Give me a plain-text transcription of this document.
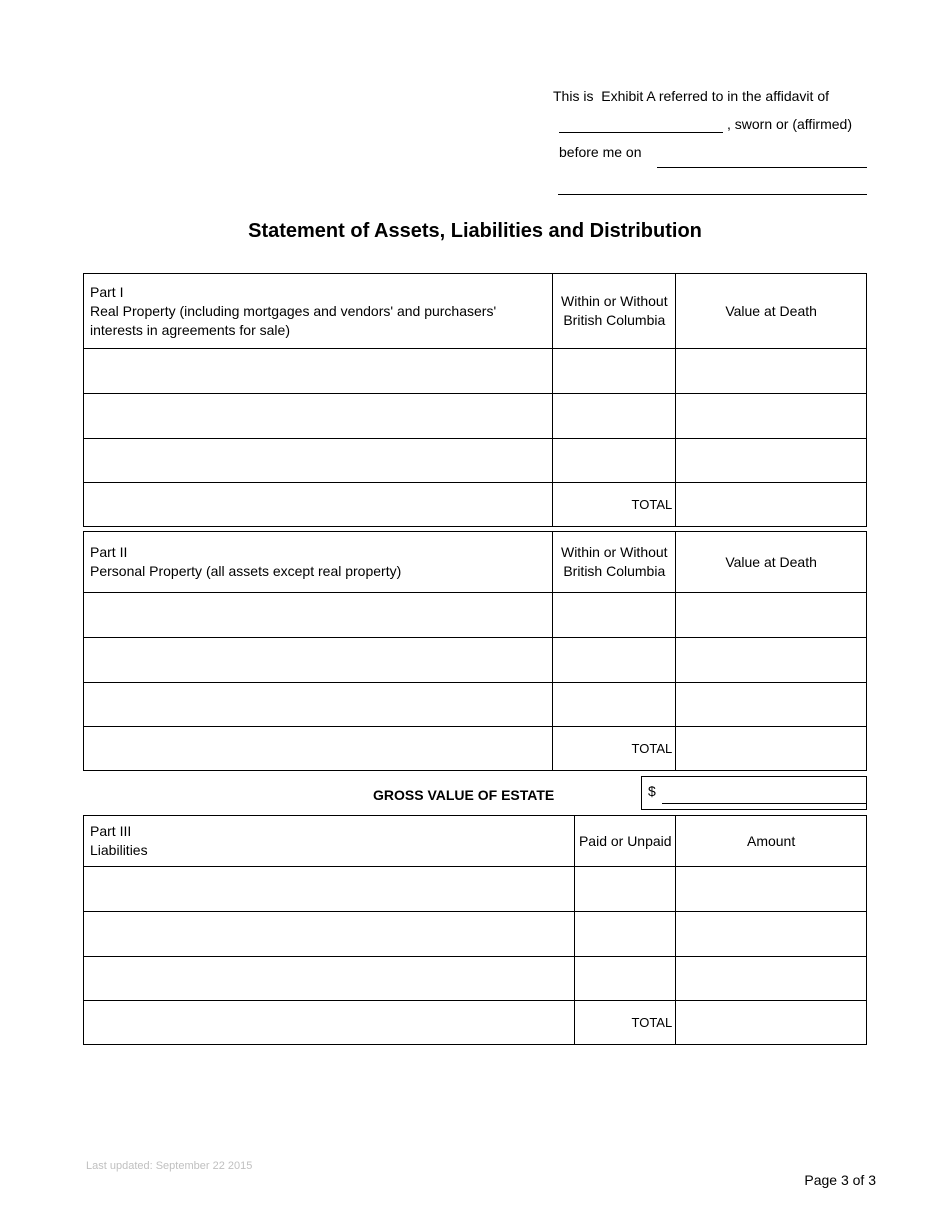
This is  Exhibit A referred to in the affidavit of
, sworn or (affirmed)
before me on
Statement of Assets, Liabilities and Distribution
Part I
Real Property (including mortgages and vendors' and purchasers' interests in agreements for sale)	Within or Without British Columbia	Value at Death

	TOTAL	
Part II
Personal Property (all assets except real property)	Within or Without British Columbia	Value at Death

	TOTAL	
GROSS VALUE OF ESTATE	$
Part III
Liabilities	Paid or Unpaid	Amount

	TOTAL	
Last updated: September 22 2015
Page 3 of 3
